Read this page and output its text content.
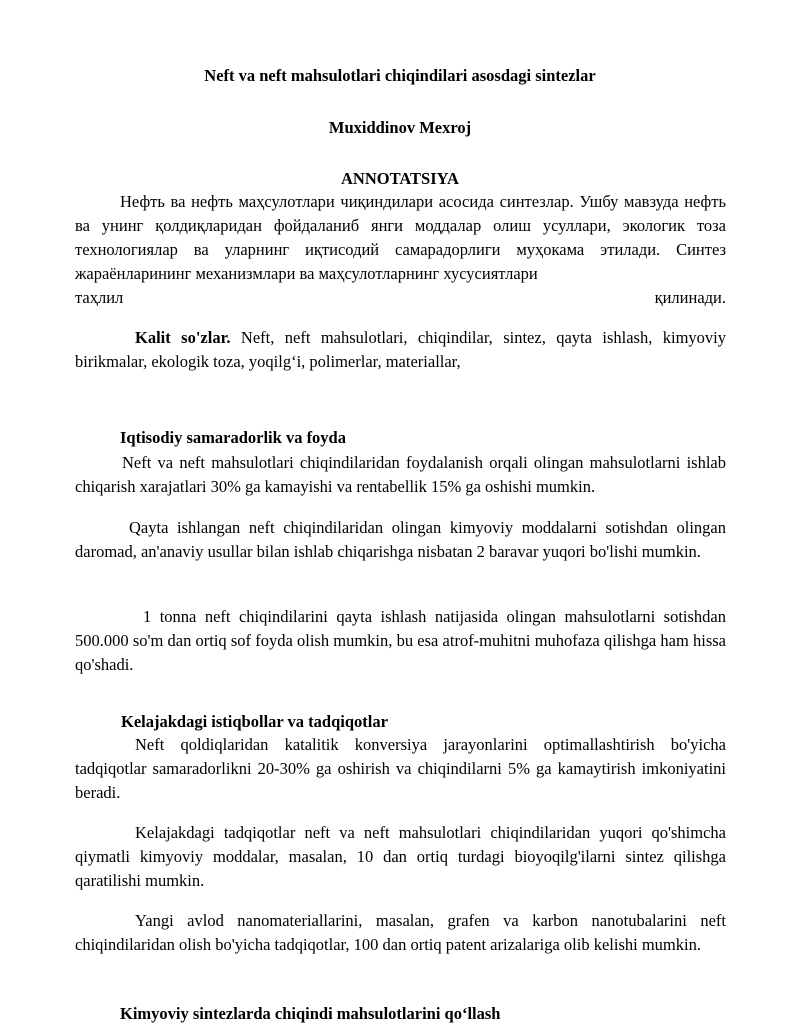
Neft va neft mahsulotlari chiqindilari asosdagi sintezlar

Muxiddinov Mexroj

ANNOTATSIYA

Нефть ва нефть маҳсулотлари чиқиндилари асосида синтезлар. Ушбу мавзуда нефть ва унинг қолдиқларидан фойдаланиб янги моддалар олиш усуллари, экологик тоза технологиялар ва уларнинг иқтисодий самарадорлиги муҳокама этилади. Синтез жараёнларининг механизмлари ва маҳсулотларнинг хусусиятлари

таҳлил қилинади.

Kalit so'zlar. Neft, neft mahsulotlari, chiqindilar, sintez, qayta ishlash, kimyoviy birikmalar, ekologik toza, yoqilg‘i, polimerlar, materiallar,

Iqtisodiy samaradorlik va foyda

Neft va neft mahsulotlari chiqindilaridan foydalanish orqali olingan mahsulotlarni ishlab chiqarish xarajatlari 30% ga kamayishi va rentabellik 15% ga oshishi mumkin.

Qayta ishlangan neft chiqindilaridan olingan kimyoviy moddalarni sotishdan olingan daromad, an'anaviy usullar bilan ishlab chiqarishga nisbatan 2 baravar yuqori bo'lishi mumkin.

1 tonna neft chiqindilarini qayta ishlash natijasida olingan mahsulotlarni sotishdan 500.000 so'm dan ortiq sof foyda olish mumkin, bu esa atrof-muhitni muhofaza qilishga ham hissa qo'shadi.

Kelajakdagi istiqbollar va tadqiqotlar

Neft qoldiqlaridan katalitik konversiya jarayonlarini optimallashtirish bo'yicha tadqiqotlar samaradorlikni 20-30% ga oshirish va chiqindilarni 5% ga kamaytirish imkoniyatini beradi.

Kelajakdagi tadqiqotlar neft va neft mahsulotlari chiqindilaridan yuqori qo'shimcha qiymatli kimyoviy moddalar, masalan, 10 dan ortiq turdagi bioyoqilg'ilarni sintez qilishga qaratilishi mumkin.

Yangi avlod nanomateriallarini, masalan, grafen va karbon nanotubalarini neft chiqindilaridan olish bo'yicha tadqiqotlar, 100 dan ortiq patent arizalariga olib kelishi mumkin.

Kimyoviy sintezlarda chiqindi mahsulotlarini qo‘llash
